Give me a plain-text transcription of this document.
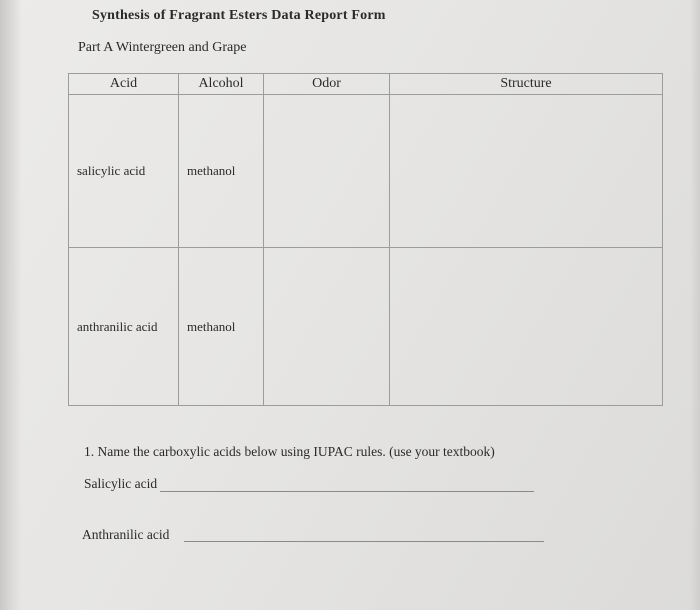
Synthesis of Fragrant Esters Data Report Form
Part A Wintergreen and Grape
Acid	Alcohol	Odor	Structure
salicylic acid	methanol		
anthranilic acid	methanol		
1. Name the carboxylic acids below using IUPAC rules. (use your textbook)
Salicylic acid
Anthranilic acid
